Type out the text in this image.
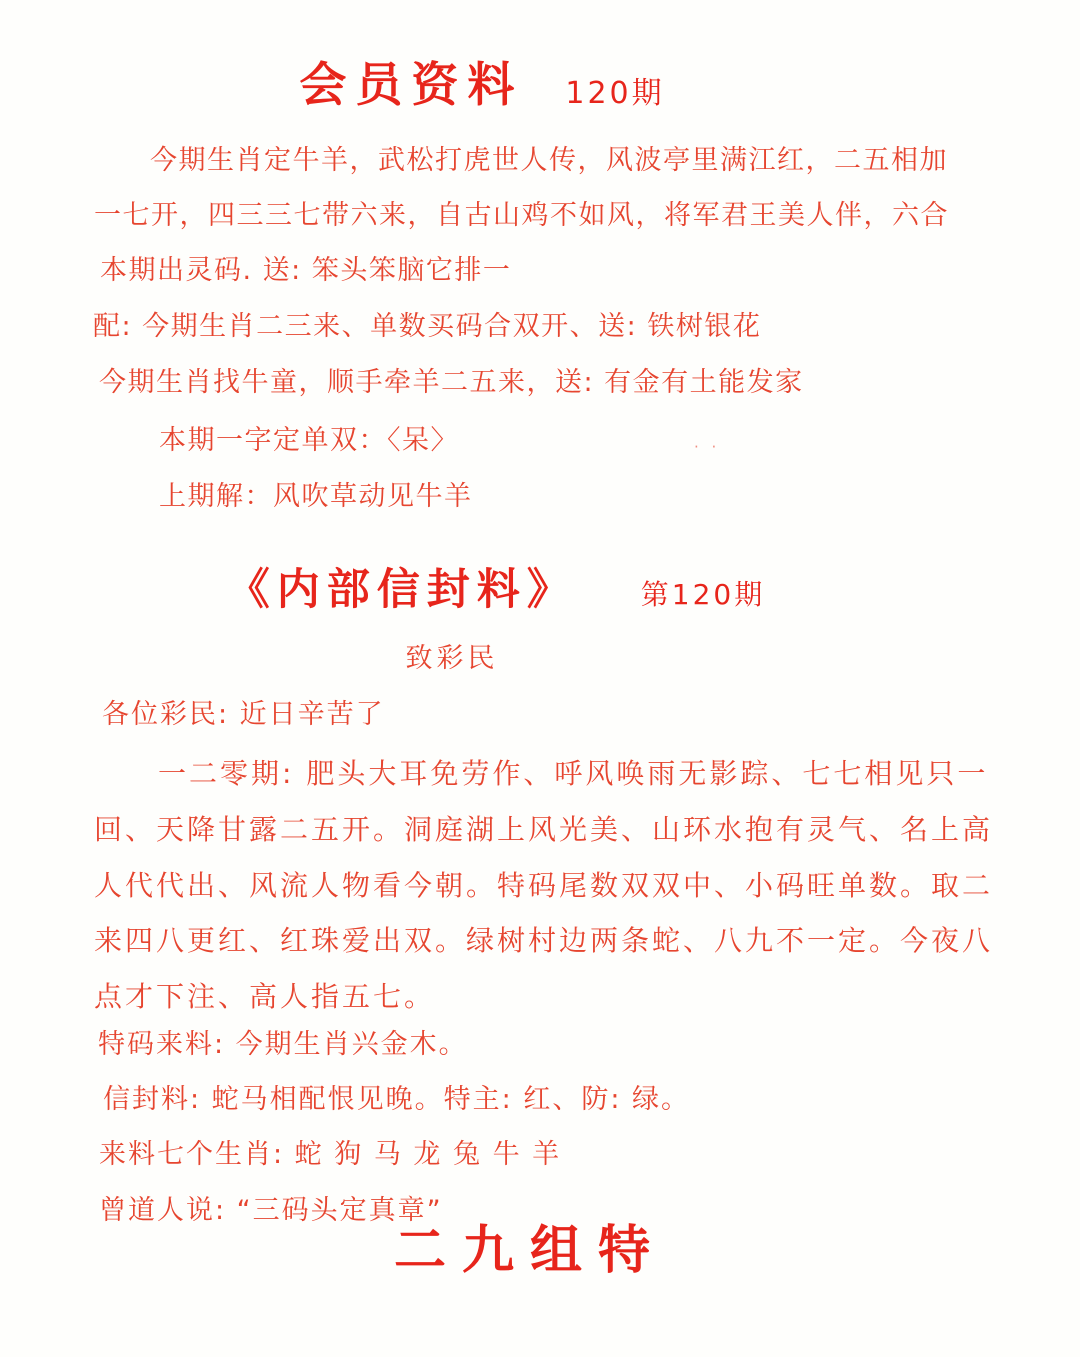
会员资料 120期
今期生肖定牛羊，武松打虎世人传，风波亭里满江红，二五相加
一七开，四三三七带六来，自古山鸡不如风，将军君王美人伴，六合
本期出灵码. 送: 笨头笨脑它排一
配: 今期生肖二三来、单数买码合双开、送: 铁树银花
今期生肖找牛童，顺手牵羊二五来，送: 有金有土能发家
本期一字定单双：〈呆〉
上期解：风吹草动见牛羊
· ·
《内部信封料》 第120期
致彩民
各位彩民: 近日辛苦了
一二零期: 肥头大耳免劳作、呼风唤雨无影踪、七七相见只一
回、天降甘露二五开。洞庭湖上风光美、山环水抱有灵气、名上高
人代代出、风流人物看今朝。特码尾数双双中、小码旺单数。取二
来四八更红、红珠爱出双。绿树村边两条蛇、八九不一定。今夜八
点才下注、高人指五七。
特码来料: 今期生肖兴金木。
信封料: 蛇马相配恨见晚。特主: 红、防: 绿。
来料七个生肖: 蛇 狗 马 龙 兔 牛 羊
曾道人说: “三码头定真章”
二九组特
